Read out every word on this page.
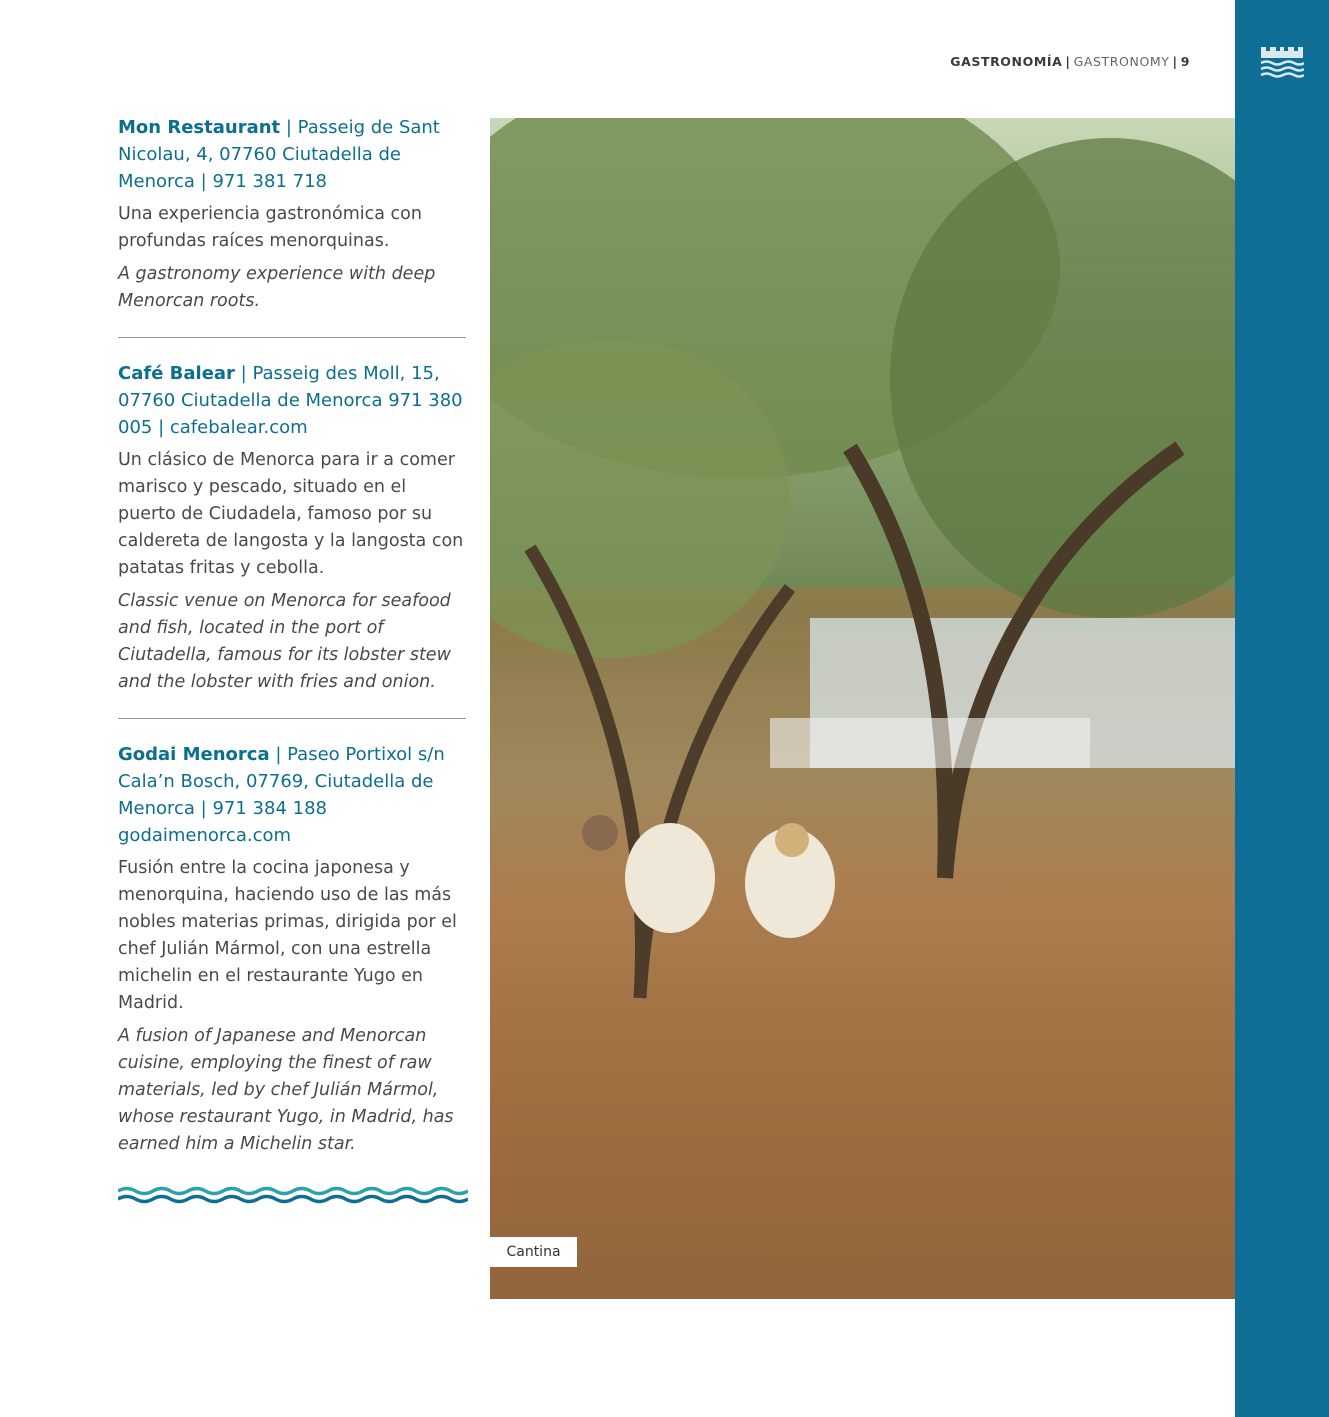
GASTRONOMÍA | GASTRONOMY | 9

Mon Restaurant | Passeig de Sant Nicolau, 4, 07760 Ciutadella de Menorca | 971 381 718

Una experiencia gastronómica con profundas raíces menorquinas.

A gastronomy experience with deep Menorcan roots.

Café Balear | Passeig des Moll, 15, 07760 Ciutadella de Menorca 971 380 005 | cafebalear.com

Un clásico de Menorca para ir a comer marisco y pescado, situado en el puerto de Ciudadela, famoso por su caldereta de langosta y la langosta con patatas fritas y cebolla.

Classic venue on Menorca for seafood and fish, located in the port of Ciutadella, famous for its lobster stew and the lobster with fries and onion.

Godai Menorca | Paseo Portixol s/n Cala’n Bosch, 07769, Ciutadella de Menorca | 971 384 188 godaimenorca.com

Fusión entre la cocina japonesa y menorquina, haciendo uso de las más nobles materias primas, dirigida por el chef Julián Mármol, con una estrella michelin en el restaurante Yugo en Madrid.

A fusion of Japanese and Menorcan cuisine, employing the finest of raw materials, led by chef Julián Mármol, whose restaurant Yugo, in Madrid, has earned him a Michelin star.

Cantina
